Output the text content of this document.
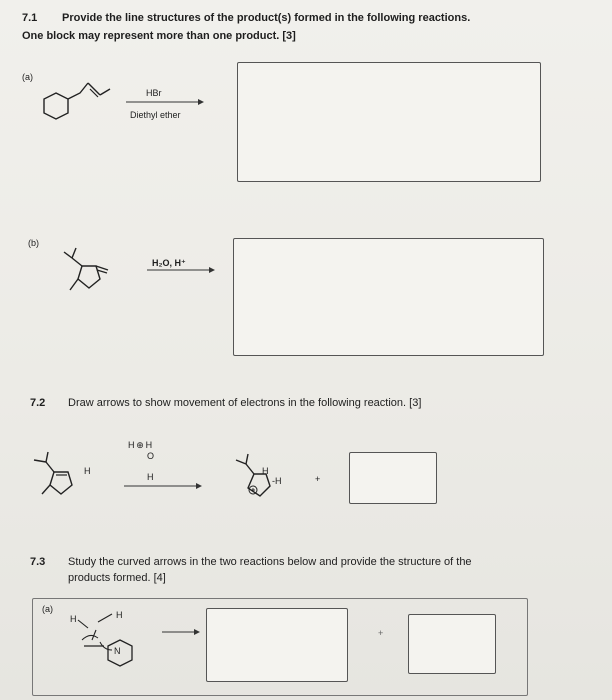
7.1 Provide the line structures of the product(s) formed in the following reactions.
One block may represent more than one product. [3]
(a)
HBr
Diethyl ether
(b)
H₂O, H⁺
7.2 Draw arrows to show movement of electrons in the following reaction. [3]
H
H ⊕ H
O
H
H
-H	+
7.3 Study the curved arrows in the two reactions below and provide the structure of the
products formed. [4]
(a)
H	H
N
+
